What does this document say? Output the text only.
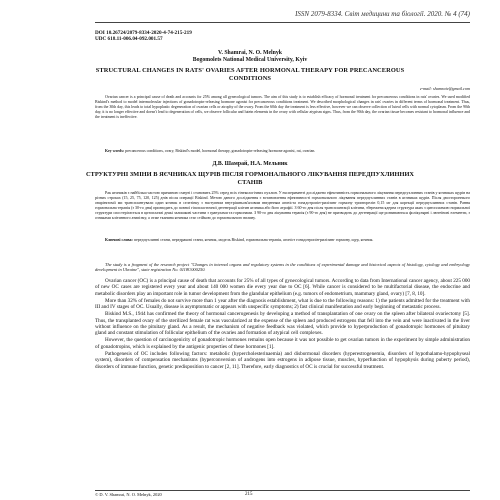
ISSN 2079-8334. Світ медицини та біології. 2020. № 4 (74)
DOI 10.26724/2079-8334-2020-4-74-215-219
UDC 618.11-006.04-092.001.57
V. Shamrai, N. O. Melnyk
Bogomolets National Medical University, Kyiv
STRUCTURAL CHANGES IN RATS' OVARIES AFTER HORMONAL THERAPY FOR PRECANCEROUS CONDITIONS
e-mail: shamraiv@gmail.com

Ovarian cancer is a principal cause of death and accounts for 25% among all gynecological tumors. The aim of this study is to establish efficacy of hormonal treatment for precancerous conditions in rats' ovaries. We used modified Biskind's method to model intermolecular injections of gonadotropin-releasing hormone agonist for precancerous conditions treatment. We described morphological changes in rats' ovaries in different terms of hormonal treatment. Thus, from the 30th day, this leads to total hypoplastic degeneration of ovarian cells or atrophy of the ovary. From the 60th day the treatment is less effective, however we can observe collection of luteal cells with normal cytoplasm. From the 90th day, it is no longer effective and doesn't lead to degeneration of cells, we observe follicular and lutein elements in the ovary with cellular atypism signs. Thus, from the 90th day, the ovarian tissue becomes resistant to hormonal influence and the treatment is ineffective.

Key words: precancerous conditions, ovary, Biskind's model, hormonal therapy, gonadotropin-releasing hormone agonist, rat, ovarian.
Д.В. Шамрай, Н.А. Мельник
СТРУКТУРНІ ЗМІНИ В ЯЄЧНИКАХ ЩУРІВ ПІСЛЯ ГОРМОНАЛЬНОГО ЛІКУВАННЯ ПЕРЕДПУХЛИННИХ СТАНІВ

Рак яєчників є найбільш частою причиною смерті і становить 25% серед всіх гінекологічних пухлин. У експерименті досліджено ефективність гормонального лікування передпухлинних станів у яєчниках щурів на різних строках (15, 25, 75, 120, 125) днів після операції Biskind. Метою даного дослідження є встановлення ефективності гормонального лікування передпухлинних станів в яєчниках щурів. Після двостороннього оваріектомії ми трансплантували один яєчник в селезінку з наступним внутрішньом'язовим введенням агоніста гонадотропін-рилізинг гормону трипторелін 0,15 мг для корекції передпухлинних станів. Рання гормональна терапія (з 30-го дня) призводить до повної гіпопластичної дегенерації клітин яєчника або його атрофії. З 60-го дня після трансплантації клітини, збережена ядерна структура яких з цитоплазмою нормальної структури спостерігається в цитоплазмі деякі залишкові частини з гранулами та гормонами. З 90-го дня лікування терапія (з 90-го дня) не призводить до дегенерації ще розвиваються фолікулярні і лютеїнові елементи, з ознаками клітинного атипізму, а отже тканина яєчника стає стійкою до гормонального впливу.

Ключові слова: передпухлинні стани, передракові стани, яєчник, модель Biskind, гормональна терапія, агоніст гонадотропін-рилізинг гормону, щур, яєчник.
The study is a fragment of the research project "Changes in internal organs and regulatory systems in the conditions of experimental damage and historical aspects of histology, cytology and embryology development in Ukraine", state registration No. 0118U000250.

Ovarian cancer (OC) is a principal cause of death that accounts for 25% of all types of gynecological tumors. According to data from International cancer agency, about 225 000 of new OC cases are registered every year and about 140 000 women die every year due to OC [6]. While cancer is considered to be multifactorial disease, the endocrine and metabolic disorders play an important role in tumor development from the glandular epithelium (e.g. tumors of endometrium, mammary gland, ovary) [7, 8, 10].

More than 32% of females do not survive more than 1 year after the diagnosis establishment, what is due to the following reasons: 1) the patients admitted for the treatment with III and IV stages of OC. Usually, disease is asymptomatic or appears with unspecific symptoms; 2) fast clinical manifestation and early beginning of metastatic process.

Biskind M.S., 1944 has confirmed the theory of hormonal cancerogenesis by developing a method of transplantation of one ovary on the spleen after bilateral ovariectomy [5]. Thus, the transplanted ovary of the sterilized female rat was vascularized at the expense of the spleen and produced estrogens that fell into the vein and were inactivated in the liver without influence on the pituitary gland. As a result, the mechanism of negative feedback was violated, which provide to hyperproduction of gonadotropic hormones of pituitary gland and constant stimulation of follicular epithelium of the ovaries and formation of atypical cell complexes.

However, the question of carcinogenicity of gonadotropic hormones remains open because it was not possible to get ovarian tumors in the experiment by simple administration of gonadotropins, which is explained by the antigenic properties of these hormones [1].

Pathogenesis of OC includes following factors: metabolic (hypercholesterinaemia) and disbormonal disorders (hyperestrogenemia, disorders of hypothalamo-hypophyseal system), disorders of compensation mechanisms (hyperconversion of androgens into estrogens in adipose tissue, muscles, hyperfunction of hypophysis during puberty period), disorders of immune function, genetic predisposition to cancer [2, 11]. Therefore, early diagnostics of OC is crucial for successful treatment.

© D. V. Shamrai, N. O. Melnyk, 2020	215
